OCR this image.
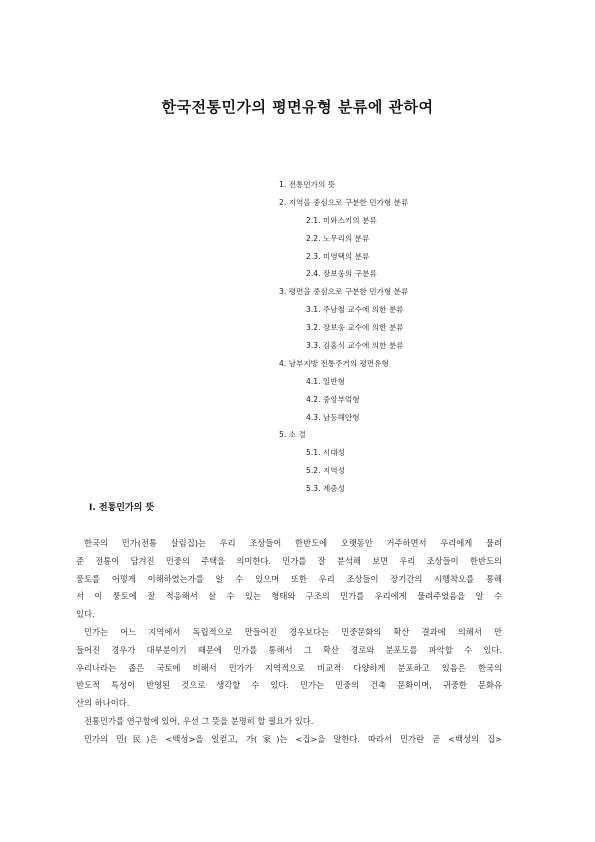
한국전통민가의 평면유형 분류에 관하여
1. 전통민가의 뜻
2. 지역을 중심으로 구분한 민가형 분류
2.1. 미와스키의 분류
2.2. 노무리의 분류
2.3. 미영택의 분류
2.4. 장보웅의 구분류
3. 평면을 중심으로 구분한 민가형 분류
3.1. 주남철 교수에 의한 분류
3.2. 장보웅 교수에 의한 분류
3.3. 김홍식 교수에 의한 분류
4. 남부지방 전통주거의 평면유형
4.1. 일반형
4.2. 중앙부엌형
4.3. 남동해안형
5. 소 결
5.1. 시대성
5.2. 지역성
5.3. 계층성
I. 전통민가의 뜻
한국의 민가(전통 살림집)는 우리 조상들이 한반도에 오랫동안 거주하면서 우리에게 물려
준 전통이 담겨진 민중의 주택을 의미한다. 민가를 잘 분석해 보면 우리 조상들이 한반도의
풍토를 어떻게 이해하였는가를 알 수 있으며 또한 우리 조상들이 장기간의 시행착오를 통해
서 이 풍토에 잘 적응해서 살 수 있는 형태와 구조의 민가를 우리에게 물려주었음을 알 수
있다.
민가는 어느 지역에서 독립적으로 만들어진 경우보다는 민중문화의 확산 결과에 의해서 만
들어진 경우가 대부분이기 때문에 민가를 통해서 그 확산 경로와 분포도를 파악할 수 있다.
우리나라는 좁은 국토에 비해서 민가가 지역적으로 비교적 다양하게 분포하고 있음은 한국의
반도적 특성이 반영된 것으로 생각할 수 있다. 민가는 민중의 건축 문화이며, 귀중한 문화유
산의 하나이다.
전통민가를 연구함에 있어, 우선 그 뜻을 분명히 할 필요가 있다.
민가의 민(民)은 <백성>을 일컫고, 가(家)는 <집>을 말한다. 따라서 민가란 곧 <백성의 집>
